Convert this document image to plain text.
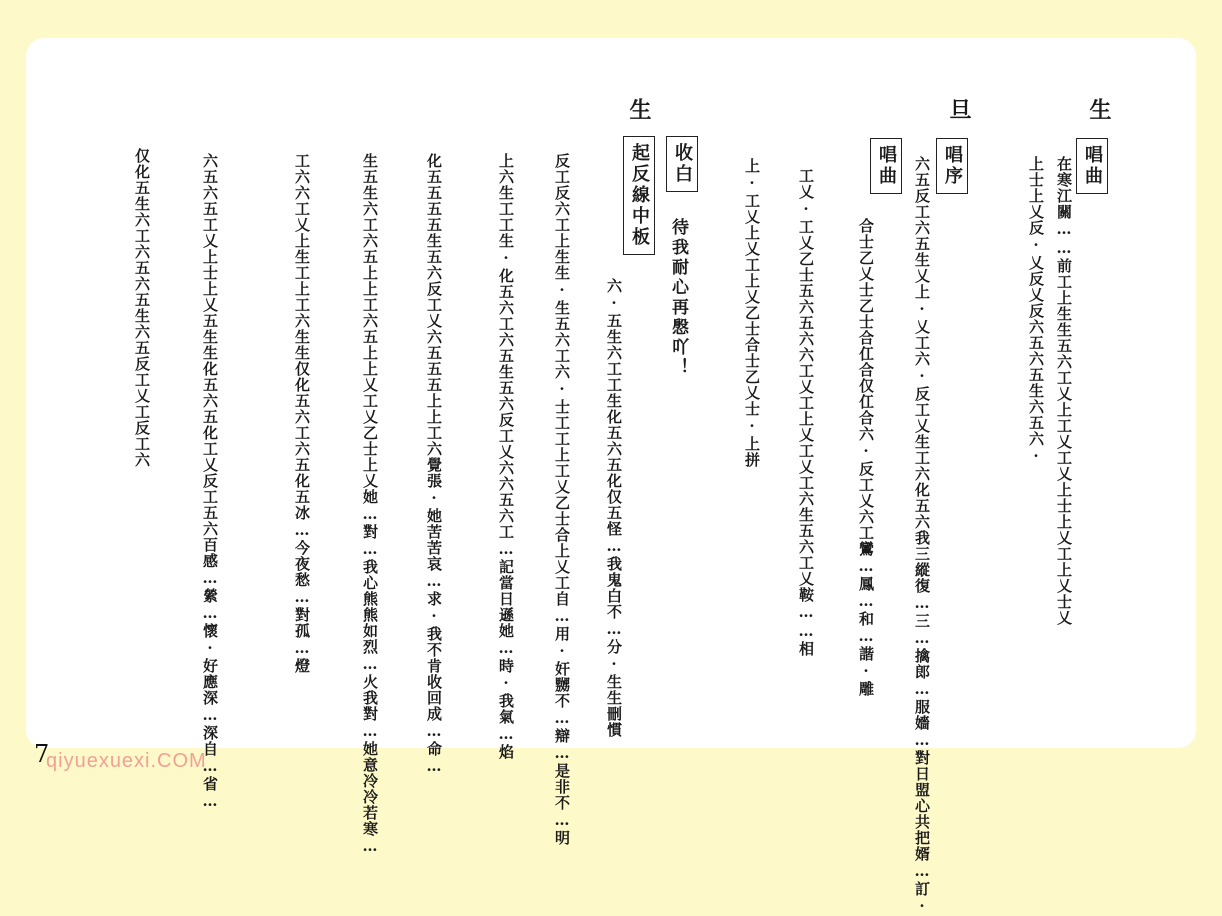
生
旦
生
唱曲
唱序
唱曲
收白
起反線中板
待我耐心再慇吖！	上士上乂反·乂反乂反六五六五生六五六· 在寒江關……前工上生生五六工乂上工乂工乂上士上乂工上乂士乂
六五反工六五生乂上·乂工六·反工乂生工六化五六我三縱復…三…擒郎…服嬙…對日盟心共把婿…訂·
合士乙乂士乙士合仜合仅仜合六·反工乂六工鸞…鳳…和…諧·雕
工乂·工乂乙士五六五六六工乂工上乂工乂工六生五六工乂鞍……相
上·工乂上乂工上乂乙士合士乙乂士·上拼
六·五生六工工生化五六五化仅五怪…我鬼白不…分·生生刪慣
反工反六工上生生·生五六工六·士工工上工乂乙士合上乂工自…用·奸嬲不…辯…是非不…明
上六生工工生·化五六工六五生五六反工乂六六五六工…記當日遜她…時·我氣…焰
化五五五五生五六反工乂六五五五上上工六覺張·她苦苦哀…求·我不肯收回成…命…
生五生六工六五上上工六五上上乂工乂乙士上乂她…對…我心熊熊如烈…火我對…她意冷冷若寒…
工六六工乂上生工上工六生生仅化五六工六五化五冰…今夜愁…對孤…燈
六五六五工乂上士上乂五生生化五六五化工乂反工五六百感…縈…懷·好應深…深自…省…
仅化五生六工六五六五生六五反工乂工反工六
7
qiyuexuexi.COM
